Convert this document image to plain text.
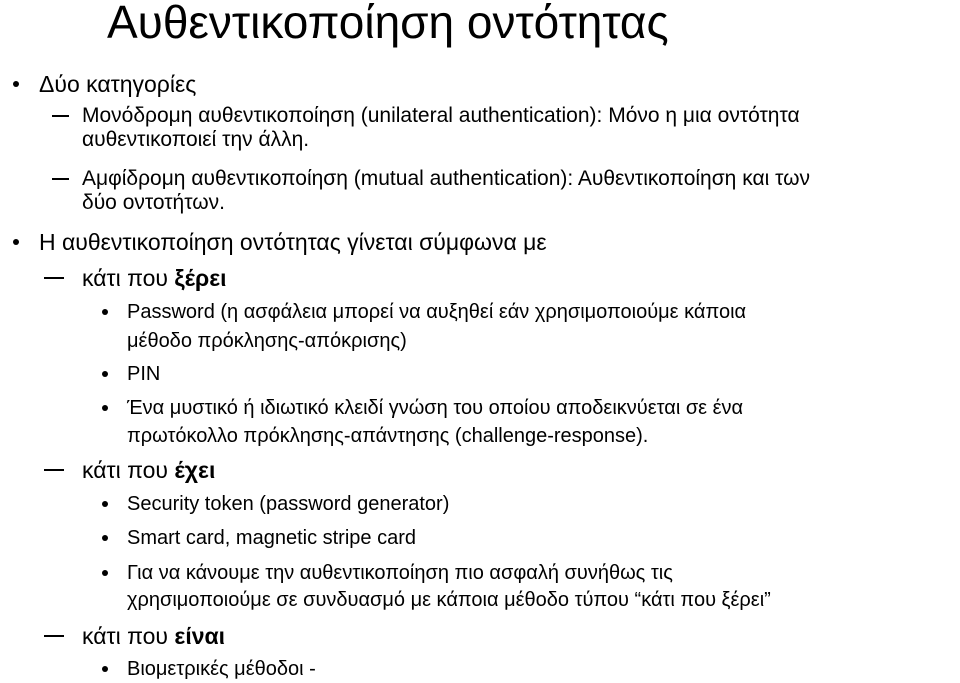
Αυθεντικοποίηση οντότητας
Δύο κατηγορίες
Μονόδρομη αυθεντικοποίηση (unilateral authentication): Μόνο η μια οντότητα
αυθεντικοποιεί την άλλη.
Αμφίδρομη αυθεντικοποίηση (mutual authentication): Αυθεντικοποίηση και των
δύο οντοτήτων.
Η αυθεντικοποίηση οντότητας γίνεται σύμφωνα με
κάτι που ξέρει
Password (η ασφάλεια μπορεί να αυξηθεί εάν χρησιμοποιούμε κάποια
μέθοδο πρόκλησης-απόκρισης)
PIN
Ένα μυστικό ή ιδιωτικό κλειδί γνώση του οποίου αποδεικνύεται σε ένα
πρωτόκολλο πρόκλησης-απάντησης (challenge-response).
κάτι που έχει
Security token (password generator)
Smart card, magnetic stripe card
Για να κάνουμε την αυθεντικοποίηση πιο ασφαλή συνήθως τις
χρησιμοποιούμε σε συνδυασμό με κάποια μέθοδο τύπου “κάτι που ξέρει”
κάτι που είναι
Βιομετρικές μέθοδοι -
